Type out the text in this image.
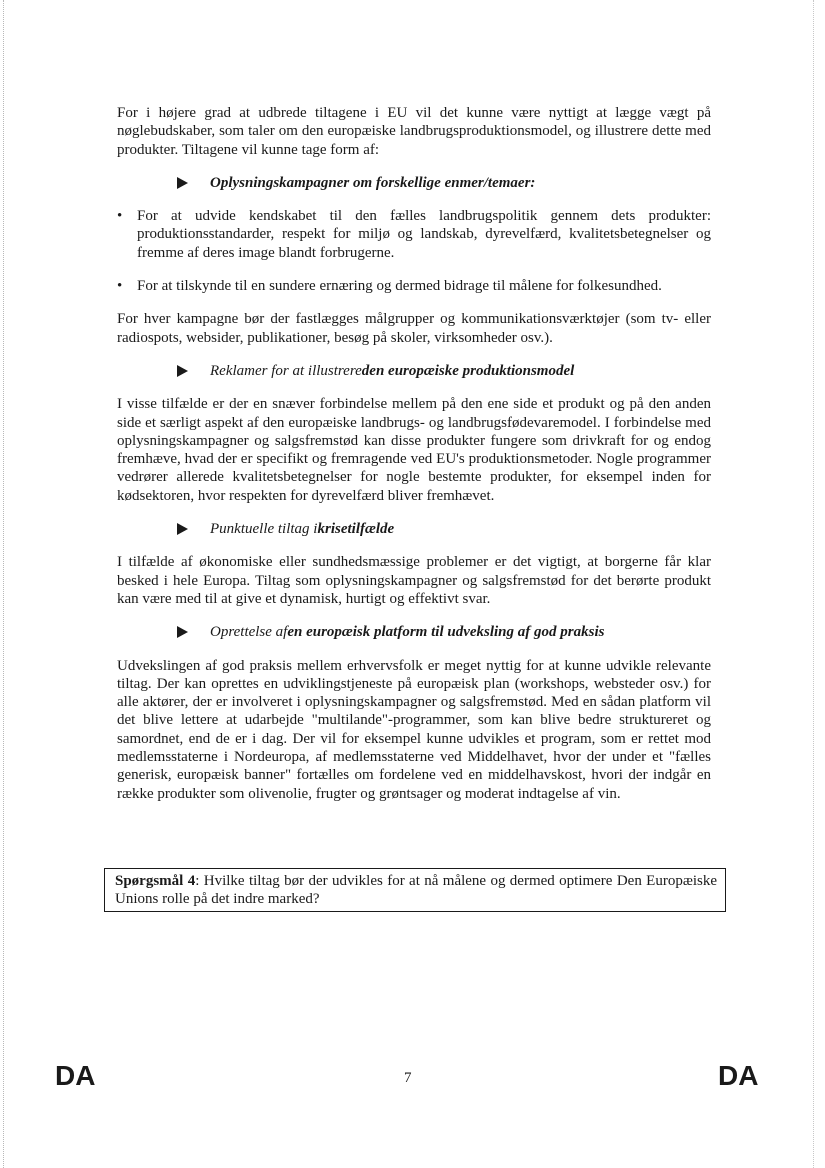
For i højere grad at udbrede tiltagene i EU vil det kunne være nyttigt at lægge vægt på nøglebudskaber, som taler om den europæiske landbrugsproduktionsmodel, og illustrere dette med produkter. Tiltagene vil kunne tage form af:

Oplysningskampagner om forskellige enmer/temaer:
• For at udvide kendskabet til den fælles landbrugspolitik gennem dets produkter: produktionsstandarder, respekt for miljø og landskab, dyrevelfærd, kvalitetsbetegnelser og fremme af deres image blandt forbrugerne.
• For at tilskynde til en sundere ernæring og dermed bidrage til målene for folkesundhed.

For hver kampagne bør der fastlægges målgrupper og kommunikationsværktøjer (som tv- eller radiospots, websider, publikationer, besøg på skoler, virksomheder osv.).

Reklamer for at illustrere den europæiske produktionsmodel

I visse tilfælde er der en snæver forbindelse mellem på den ene side et produkt og på den anden side et særligt aspekt af den europæiske landbrugs- og landbrugsfødevaremodel. I forbindelse med oplysningskampagner og salgsfremstød kan disse produkter fungere som drivkraft for og endog fremhæve, hvad der er specifikt og fremragende ved EU's produktionsmetoder. Nogle programmer vedrører allerede kvalitetsbetegnelser for nogle bestemte produkter, for eksempel inden for kødsektoren, hvor respekten for dyrevelfærd bliver fremhævet.

Punktuelle tiltag i krisetilfælde

I tilfælde af økonomiske eller sundhedsmæssige problemer er det vigtigt, at borgerne får klar besked i hele Europa. Tiltag som oplysningskampagner og salgsfremstød for det berørte produkt kan være med til at give et dynamisk, hurtigt og effektivt svar.

Oprettelse af en europæisk platform til udveksling af god praksis

Udvekslingen af god praksis mellem erhvervsfolk er meget nyttig for at kunne udvikle relevante tiltag. Der kan oprettes en udviklingstjeneste på europæisk plan (workshops, websteder osv.) for alle aktører, der er involveret i oplysningskampagner og salgsfremstød. Med en sådan platform vil det blive lettere at udarbejde "multilande"-programmer, som kan blive bedre struktureret og samordnet, end de er i dag. Der vil for eksempel kunne udvikles et program, som er rettet mod medlemsstaterne i Nordeuropa, af medlemsstaterne ved Middelhavet, hvor der under et "fælles generisk, europæisk banner" fortælles om fordelene ved en middelhavskost, hvori der indgår en række produkter som olivenolie, frugter og grøntsager og moderat indtagelse af vin.

Spørgsmål 4: Hvilke tiltag bør der udvikles for at nå målene og dermed optimere Den Europæiske Unions rolle på det indre marked?
DA	7	DA
